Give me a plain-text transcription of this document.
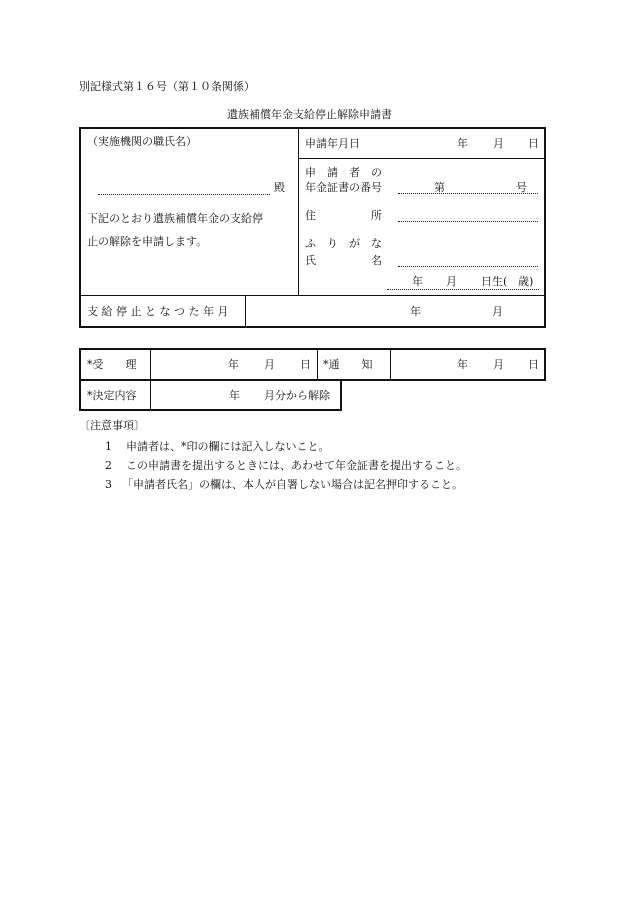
別記様式第１６号（第１０条関係）
遺族補償年金支給停止解除申請書
（実施機関の職氏名）
殿
下記のとおり遺族補償年金の支給停
止の解除を申請します。
申請年月日	年 月 日
申　請　者　の
年金証書の番号	第	号
住　　　　　所
ふ　り　が　な
氏　　　　　名
年 月 日生( 歳)
支 給 停 止 と な つ た 年 月	年	月
*受　　理	年 月 日 *通　　知	年 月 日
*決定内容	年 月分から解除
〔注意事項〕
1 申請者は、*印の欄には記入しないこと。
2 この申請書を提出するときには、あわせて年金証書を提出すること。
3 「申請者氏名」の欄は、本人が自署しない場合は記名押印すること。
